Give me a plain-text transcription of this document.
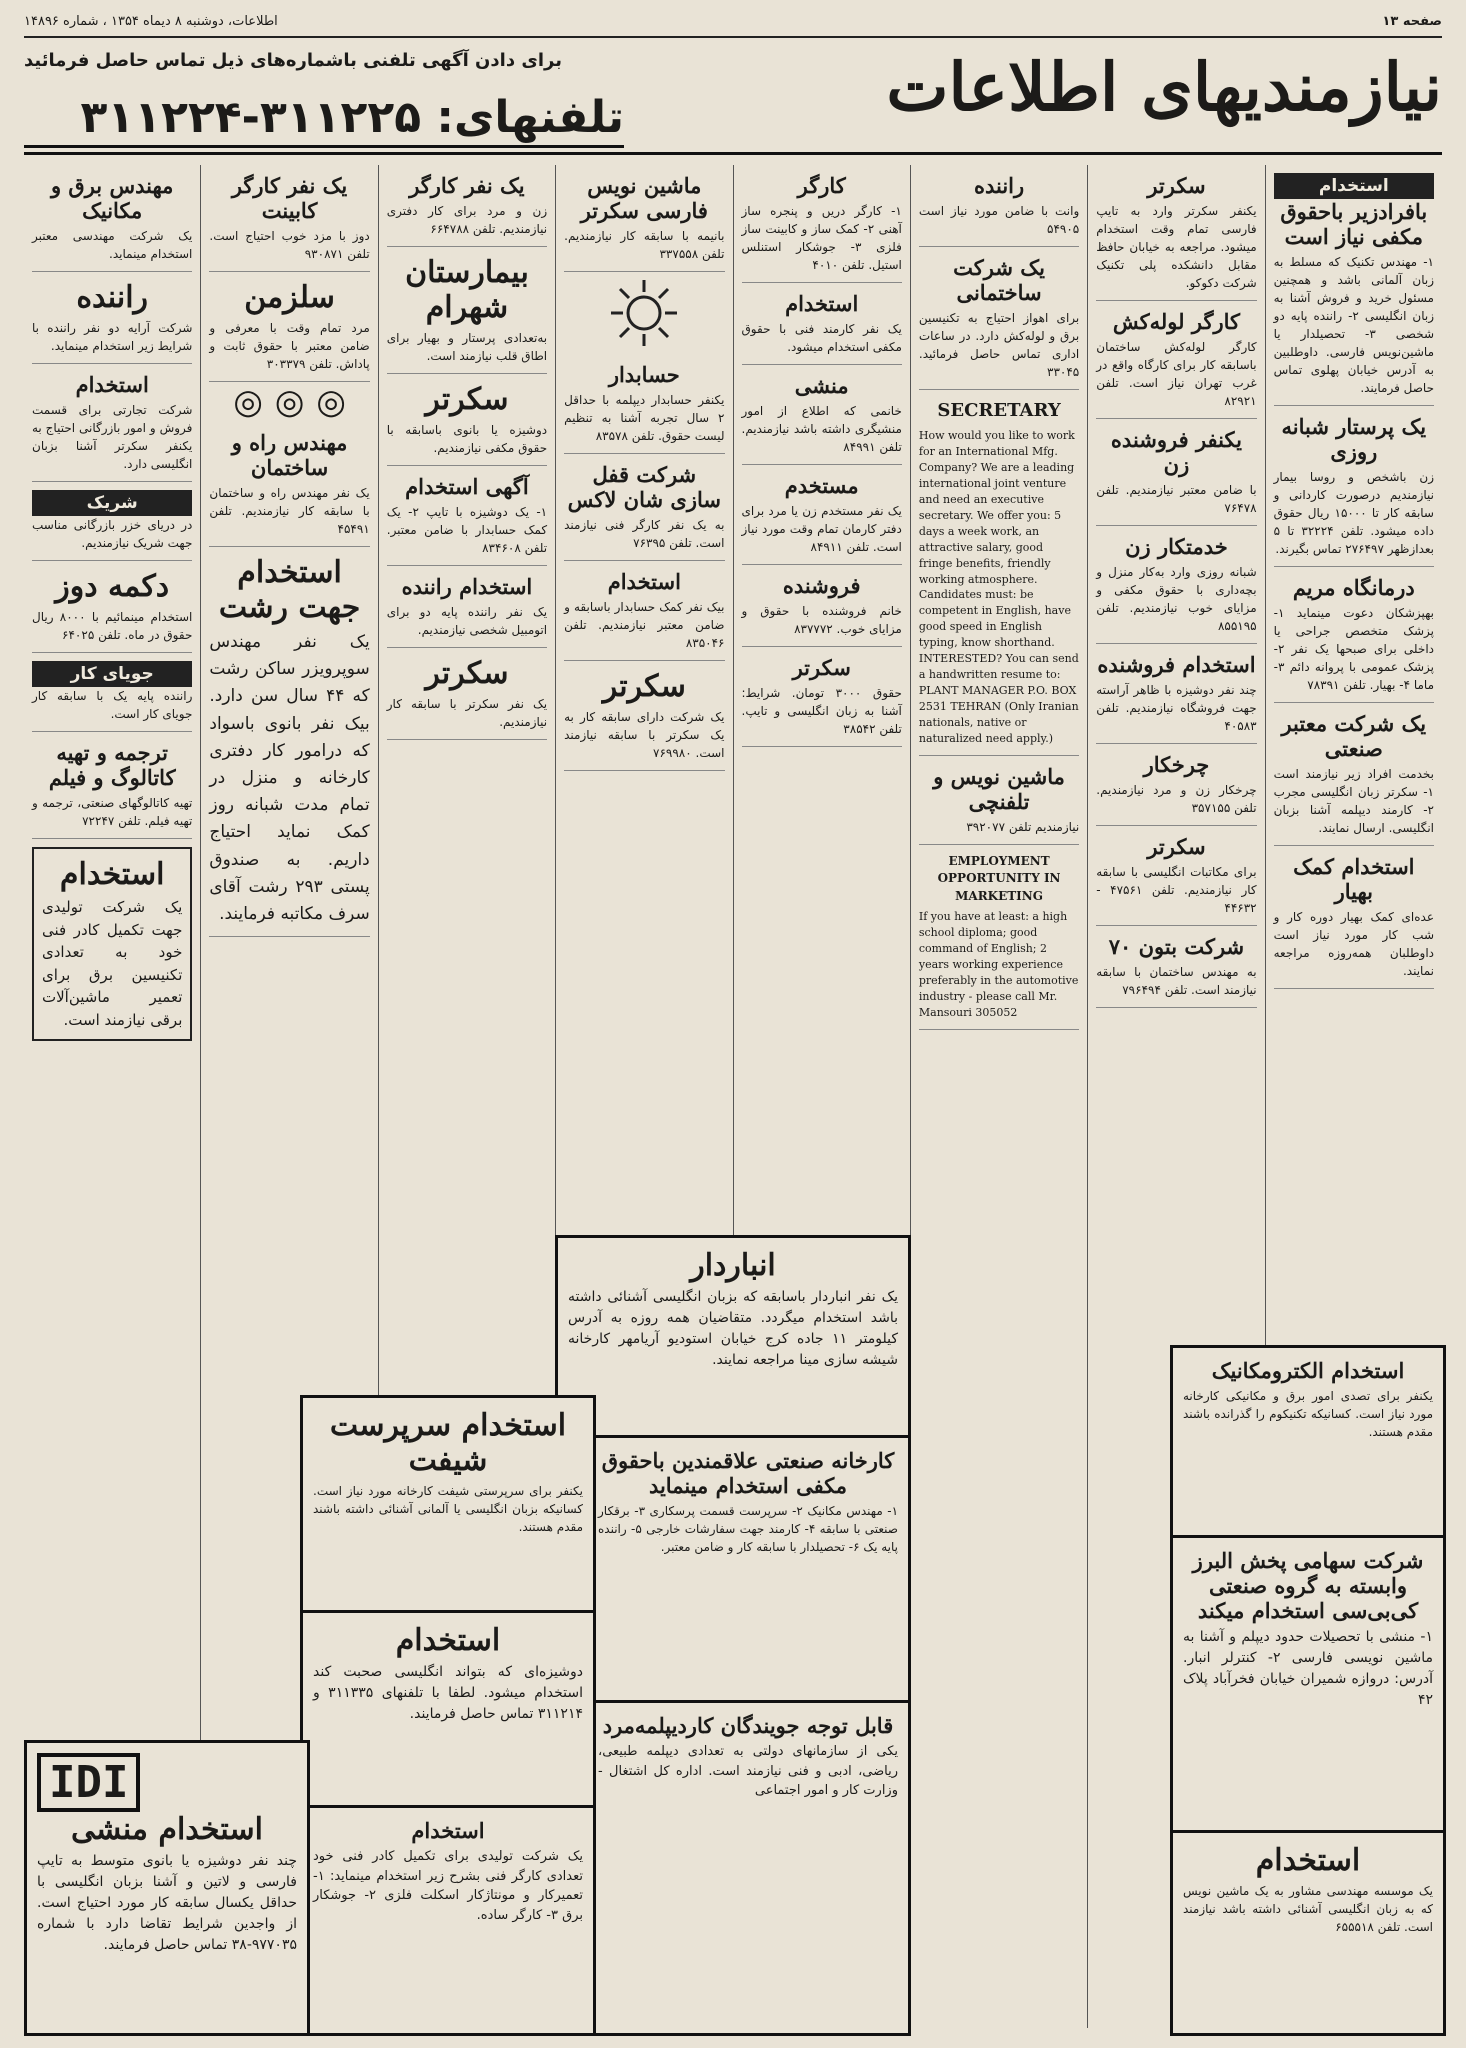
صفحه ۱۳
اطلاعات، دوشنبه ۸ دیماه ۱۳۵۴ ، شماره ۱۴۸۹۶
نیازمندیهای اطلاعات
برای دادن آگهی تلفنی باشماره‌های ذیل تماس حاصل فرمائید
تلفنهای: ۳۱۱۲۲۵-۳۱۱۲۲۴
استخدام
بافرادزیر باحقوق مکفی نیاز است
۱- مهندس تکنیک که مسلط به زبان آلمانی باشد و همچنین مسئول خرید و فروش آشنا به زبان انگلیسی ۲- راننده پایه دو شخصی ۳- تحصیلدار یا ماشین‌نویس فارسی. داوطلبین به آدرس خیابان پهلوی تماس حاصل فرمایند.
یک پرستار شبانه روزی
زن باشخص و روسا بیمار نیازمندیم درصورت کاردانی و سابقه کار تا ۱۵۰۰۰ ریال حقوق داده میشود. تلفن ۳۲۲۲۴ تا ۵ بعدازظهر ۲۷۶۴۹۷ تماس بگیرند.
درمانگاه مریم
بهپزشکان دعوت مینماید ۱- پزشک متخصص جراحی یا داخلی برای صبحها یک نفر ۲- پزشک عمومی با پروانه دائم ۳- ماما ۴- بهیار. تلفن ۷۸۳۹۱
یک شرکت معتبر صنعتی
بخدمت افراد زیر نیازمند است ۱- سکرتر زبان انگلیسی مجرب ۲- کارمند دیپلمه آشنا بزبان انگلیسی. ارسال نمایند.
استخدام کمک بهیار
عده‌ای کمک بهیار دوره کار و شب کار مورد نیاز است داوطلبان همه‌روزه مراجعه نمایند.
سکرتر
یکنفر سکرتر وارد به تایپ فارسی تمام وقت استخدام میشود. مراجعه به خیابان حافظ مقابل دانشکده پلی تکنیک شرکت دکوکو.
کارگر لوله‌کش
کارگر لوله‌کش ساختمان باسابقه کار برای کارگاه واقع در غرب تهران نیاز است. تلفن ۸۲۹۲۱
یکنفر فروشنده زن
با ضامن معتبر نیازمندیم. تلفن ۷۶۴۷۸
خدمتکار زن
شبانه روزی وارد به‌کار منزل و بچه‌داری با حقوق مکفی و مزایای خوب نیازمندیم. تلفن ۸۵۵۱۹۵
استخدام فروشنده
چند نفر دوشیزه با ظاهر آراسته جهت فروشگاه نیازمندیم. تلفن ۴۰۵۸۳
چرخکار
چرخکار زن و مرد نیازمندیم. تلفن ۳۵۷۱۵۵
سکرتر
برای مکاتبات انگلیسی با سابقه کار نیازمندیم. تلفن ۴۷۵۶۱ - ۴۴۶۳۲
شرکت بتون ۷۰
به مهندس ساختمان با سابقه نیازمند است. تلفن ۷۹۶۴۹۴
راننده
وانت با ضامن مورد نیاز است ۵۴۹۰۵
یک شرکت ساختمانی
برای اهواز احتیاج به تکنیسین برق و لوله‌کش دارد. در ساعات اداری تماس حاصل فرمائید. ۳۳۰۴۵
SECRETARY
How would you like to work for an International Mfg. Company? We are a leading international joint venture and need an executive secretary. We offer you: 5 days a week work, an attractive salary, good fringe benefits, friendly working atmosphere. Candidates must: be competent in English, have good speed in English typing, know shorthand. INTERESTED? You can send a handwritten resume to: PLANT MANAGER P.O. BOX 2531 TEHRAN (Only Iranian nationals, native or naturalized need apply.)
ماشین نویس و تلفنچی
نیازمندیم تلفن ۳۹۲۰۷۷
EMPLOYMENT OPPORTUNITY IN MARKETING
If you have at least: a high school diploma; good command of English; 2 years working experience preferably in the automotive industry - please call Mr. Mansouri 305052
کارگر
۱- کارگر دریں و پنجره ساز آهنی ۲- کمک ساز و کابینت ساز فلزی ۳- جوشکار استنلس استیل. تلفن ۴۰۱۰
استخدام
یک نفر کارمند فنی با حقوق مکفی استخدام میشود.
منشی
خانمی که اطلاع از امور منشیگری داشته باشد نیازمندیم. تلفن ۸۴۹۹۱
مستخدم
یک نفر مستخدم زن یا مرد برای دفتر کارمان تمام وقت مورد نیاز است. تلفن ۸۴۹۱۱
فروشنده
خانم فروشنده با حقوق و مزایای خوب. ۸۳۷۷۷۲
سکرتر
حقوق ۳۰۰۰ تومان. شرایط: آشنا به زبان انگلیسی و تایپ. تلفن ۳۸۵۴۲
ماشین نویس فارسی سکرتر
بانیمه با سابقه کار نیازمندیم. تلفن ۳۳۷۵۵۸
حسابدار
یکنفر حسابدار دیپلمه با حداقل ۲ سال تجربه آشنا به تنظیم لیست حقوق. تلفن ۸۳۵۷۸
شرکت قفل سازی شان لاکس
به یک نفر کارگر فنی نیازمند است. تلفن ۷۶۳۹۵
استخدام
بیک نفر کمک حسابدار باسابقه و ضامن معتبر نیازمندیم. تلفن ۸۳۵۰۴۶
سکرتر
یک شرکت دارای سابقه کار به یک سکرتر با سابقه نیازمند است. ۷۶۹۹۸۰
یک نفر کارگر
زن و مرد برای کار دفتری نیازمندیم. تلفن ۶۶۴۷۸۸
بیمارستان شهرام
به‌تعدادی پرستار و بهیار برای اطاق قلب نیازمند است.
سکرتر
دوشیزه یا بانوی باسابقه با حقوق مکفی نیازمندیم.
آگهی استخدام
۱- یک دوشیزه با تایپ ۲- یک کمک حسابدار با ضامن معتبر. تلفن ۸۳۴۶۰۸
استخدام راننده
یک نفر راننده پایه دو برای اتومبیل شخصی نیازمندیم.
سکرتر
یک نفر سکرتر با سابقه کار نیازمندیم.
یک نفر کارگر کابینت
دوز با مزد خوب احتیاج است. تلفن ۹۳۰۸۷۱
سلزمن
مرد تمام وقت با معرفی و ضامن معتبر با حقوق ثابت و پاداش. تلفن ۳۰۳۳۷۹
◎ ◎ ◎
مهندس راه و ساختمان
یک نفر مهندس راه و ساختمان با سابقه کار نیازمندیم. تلفن ۴۵۴۹۱
استخدام جهت رشت
یک نفر مهندس سوپرویزر ساکن رشت که ۴۴ سال سن دارد. بیک نفر بانوی باسواد که درامور کار دفتری کارخانه و منزل در تمام مدت شبانه روز کمک نماید احتیاج داریم. به صندوق پستی ۲۹۳ رشت آقای سرف مکاتبه فرمایند.
مهندس برق و مکانیک
یک شرکت مهندسی معتبر استخدام مینماید.
راننده
شرکت آرایه دو نفر راننده با شرایط زیر استخدام مینماید.
استخدام
شرکت تجارتی برای قسمت فروش و امور بازرگانی احتیاج به یکنفر سکرتر آشنا بزبان انگلیسی دارد.
شریک
در دریای خزر بازرگانی مناسب جهت شریک نیازمندیم.
دکمه دوز
استخدام مینمائیم با ۸۰۰۰ ریال حقوق در ماه. تلفن ۶۴۰۲۵
جویای کار
راننده پایه یک با سابقه کار جویای کار است.
ترجمه و تهیه کاتالوگ و فیلم
تهیه کاتالوگهای صنعتی، ترجمه و تهیه فیلم. تلفن ۷۲۲۴۷
استخدام
یک شرکت تولیدی جهت تکمیل کادر فنی خود به تعدادی تکنیسین برق برای تعمیر ماشین‌آلات برقی نیازمند است.
انباردار
یک نفر انباردار باسابقه که بزبان انگلیسی آشنائی داشته باشد استخدام میگردد. متقاضیان همه روزه به آدرس کیلومتر ۱۱ جاده کرج خیابان استودیو آریامهر کارخانه شیشه سازی مینا مراجعه نمایند.
کارخانه صنعتی علاقمندین باحقوق مکفی استخدام مینماید
۱- مهندس مکانیک ۲- سرپرست قسمت پرسکاری ۳- برقکار صنعتی با سابقه ۴- کارمند جهت سفارشات خارجی ۵- راننده پایه یک ۶- تحصیلدار با سابقه کار و ضامن معتبر.
قابل توجه جویندگان کاردیپلمه‌مرد
یکی از سازمانهای دولتی به تعدادی دیپلمه طبیعی، ریاضی، ادبی و فنی نیازمند است. اداره کل اشتغال - وزارت کار و امور اجتماعی
استخدام سرپرست شیفت
یکنفر برای سرپرستی شیفت کارخانه مورد نیاز است. کسانیکه بزبان انگلیسی یا آلمانی آشنائی داشته باشند مقدم هستند.
استخدام
دوشیزه‌ای که بتواند انگلیسی صحبت کند استخدام میشود. لطفا با تلفنهای ۳۱۱۳۳۵ و ۳۱۱۲۱۴ تماس حاصل فرمایند.
استخدام
یک شرکت تولیدی برای تکمیل کادر فنی خود تعدادی کارگر فنی بشرح زیر استخدام مینماید: ۱- تعمیرکار و مونتاژکار اسکلت فلزی ۲- جوشکار برق ۳- کارگر ساده.
استخدام الکترومکانیک
یکنفر برای تصدی امور برق و مکانیکی کارخانه مورد نیاز است. کسانیکه تکنیکوم را گذرانده باشند مقدم هستند.
شرکت سهامی پخش البرز وابسته به گروه صنعتی کی‌بی‌سی استخدام میکند
۱- منشی با تحصیلات حدود دیپلم و آشنا به ماشین نویسی فارسی ۲- کنترلر انبار. آدرس: دروازه شمیران خیابان فخرآباد پلاک ۴۲
استخدام
یک موسسه مهندسی مشاور به یک ماشین نویس که به زبان انگلیسی آشنائی داشته باشد نیازمند است. تلفن ۶۵۵۵۱۸
IDI
استخدام منشی
چند نفر دوشیزه یا بانوی متوسط به تایپ فارسی و لاتین و آشنا بزبان انگلیسی با حداقل یکسال سابقه کار مورد احتیاج است. از واجدین شرایط تقاضا دارد با شماره ۹۷۷۰۳۵-۳۸ تماس حاصل فرمایند.
